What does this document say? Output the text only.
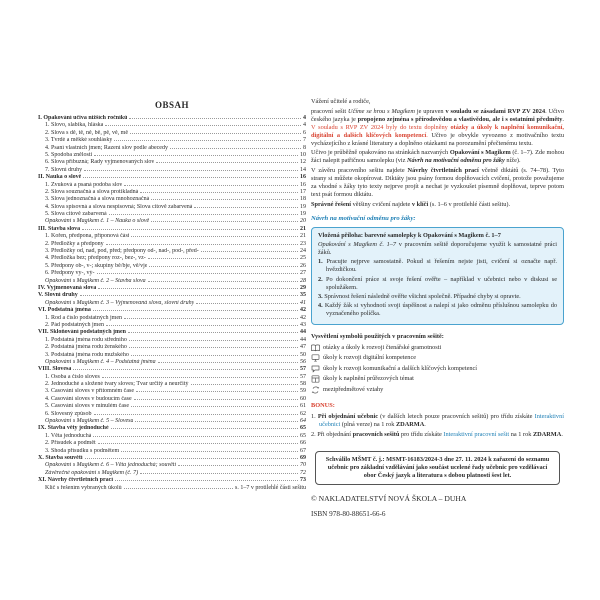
OBSAH
I. Opakování učiva nižších ročníků	4
1. Slovo, slabika, hláska	4
2. Slova s dě, tě, ně, bě, pě, vě, mě	6
3. Tvrdé a měkké souhlásky	7
4. Psaní vlastních jmen; Řazení slov podle abecedy	8
5. Spodoba znělosti	10
6. Slova příbuzná; Řady vyjmenovaných slov	12
7. Slovní druhy	14
II. Nauka o slově	16
1. Zvuková a psaná podoba slov	16
2. Slova souznačná a slova protikladná	17
3. Slova jednoznačná a slova mnohoznačná	18
4. Slova spisovná a slova nespisovná; Slova citově zabarvená	19
5. Slova citově zabarvená	19
Opakování s Magikem č. 1 – Nauka o slově	20
III. Stavba slova	21
1. Kořen, předpona, příponová část	21
2. Předložky a předpony	23
3. Předložky od, nad, pod, před; předpony od-, nad-, pod-, před-	24
4. Předložka bez; předpony roz-, bez-, vz-	25
5. Předpony ob-, v-; skupiny bě/bje, vě/vje	26
6. Předpony vy-, vý-	27
Opakování s Magikem č. 2 – Stavba slova	28
IV. Vyjmenovaná slova	29
V. Slovní druhy	35
Opakování s Magikem č. 3 – Vyjmenovaná slova, slovní druhy	41
VI. Podstatná jména	42
1. Rod a číslo podstatných jmen	42
2. Pád podstatných jmen	43
VII. Skloňování podstatných jmen	44
1. Podstatná jména rodu středního	44
2. Podstatná jména rodu ženského	47
3. Podstatná jména rodu mužského	50
Opakování s Magikem č. 4 – Podstatná jména	56
VIII. Slovesa	57
1. Osoba a číslo sloves	57
2. Jednoduché a složené tvary sloves; Tvar určitý a neurčitý	58
3. Časování sloves v přítomném čase	59
4. Časování sloves v budoucím čase	60
5. Časování sloves v minulém čase	61
6. Slovesný způsob	62
Opakování s Magikem č. 5 – Slovesa	64
IX. Stavba věty jednoduché	65
1. Věta jednoduchá	65
2. Přísudek a podmět	66
3. Shoda přísudku s podmětem	67
X. Stavba souvětí	69
Opakování s Magikem č. 6 – Věta jednoduchá; souvětí	70
Závěrečné opakování s Magikem (č. 7)	72
XI. Návrhy čtvrtletních prací	73
Klíč s řešením vybraných úkolů	s. 1–7 v protilehlé části sešitu

Vážení učitelé a rodiče,

pracovní sešit Učíme se hrou s Magikem je upraven v souladu se zásadami RVP ZV 2024. Učivo českého jazyka je propojeno zejména s přírodovědou a vlastivědou, ale i s ostatními předměty. V souladu s RVP ZV 2024 byly do textu doplněny otázky a úkoly k naplnění komunikační, digitální a dalších klíčových kompetencí. Učivo je obvykle vyvozeno z motivačního textu vycházejícího z krásné literatury a doplněno otázkami na porozumění přečtenému textu.

Učivo je průběžně opakováno na stránkách nazvaných Opakování s Magikem (č. 1–7). Zde mohou žáci nalepit patřičnou samolepku (viz Návrh na motivační odměnu pro žáky níže).

V závěru pracovního sešitu najdete Návrhy čtvrtletních prací včetně diktátů (s. 74–78). Tyto strany si můžete okopírovat. Diktáty jsou psány formou doplňovacích cvičení, protože považujeme za vhodné s žáky tyto texty nejprve projít a nechat je vyzkoušet písemně doplňovat, teprve potom text psát formou diktátu.

Správné řešení většiny cvičení najdete v klíči (s. 1–6 v protilehlé části sešitu).

Návrh na motivační odměnu pro žáky:

Vložená příloha: barevné samolepky k Opakování s Magikem č. 1–7

Opakování s Magikem č. 1–7 v pracovním sešitě doporučujeme využít k samostatné práci žáků.

1. Pracujte nejprve samostatně. Pokud si řešením nejste jisti, cvičení si označte např. hvězdičkou.

2. Po dokončení práce si svoje řešení ověřte – například v učebnici nebo v diskusi se spolužákem.

3. Správnost řešení následně ověřte všichni společně. Případné chyby si opravte.

4. Každý žák si vyhodnotí svoji úspěšnost a nalepí si jako odměnu příslušnou samolepku do vyznačeného políčka.

Vysvětlení symbolů použitých v pracovním sešitě:
otázky a úkoly k rozvoji čtenářské gramotnosti
úkoly k rozvoji digitální kompetence
úkoly k rozvoji komunikační a dalších klíčových kompetencí
úkoly k naplnění průřezových témat
mezipředmětové vztahy
BONUS:

1. Při objednání učebnic (v dalších letech pouze pracovních sešitů) pro třídu získáte Interaktivní učebnici (plná verze) na 1 rok ZDARMA.

2. Při objednání pracovních sešitů pro třídu získáte Interaktivní pracovní sešit na 1 rok ZDARMA.

Schválilo MŠMT č. j.: MSMT-16183/2024-3 dne 27. 11. 2024 k zařazení do seznamu učebnic pro základní vzdělávání jako součást ucelené řady učebnic pro vzdělávací obor Český jazyk a literatura s dobou platnosti šest let.

© NAKLADATELSTVÍ NOVÁ ŠKOLA – DUHA

ISBN 978-80-88651-66-6
